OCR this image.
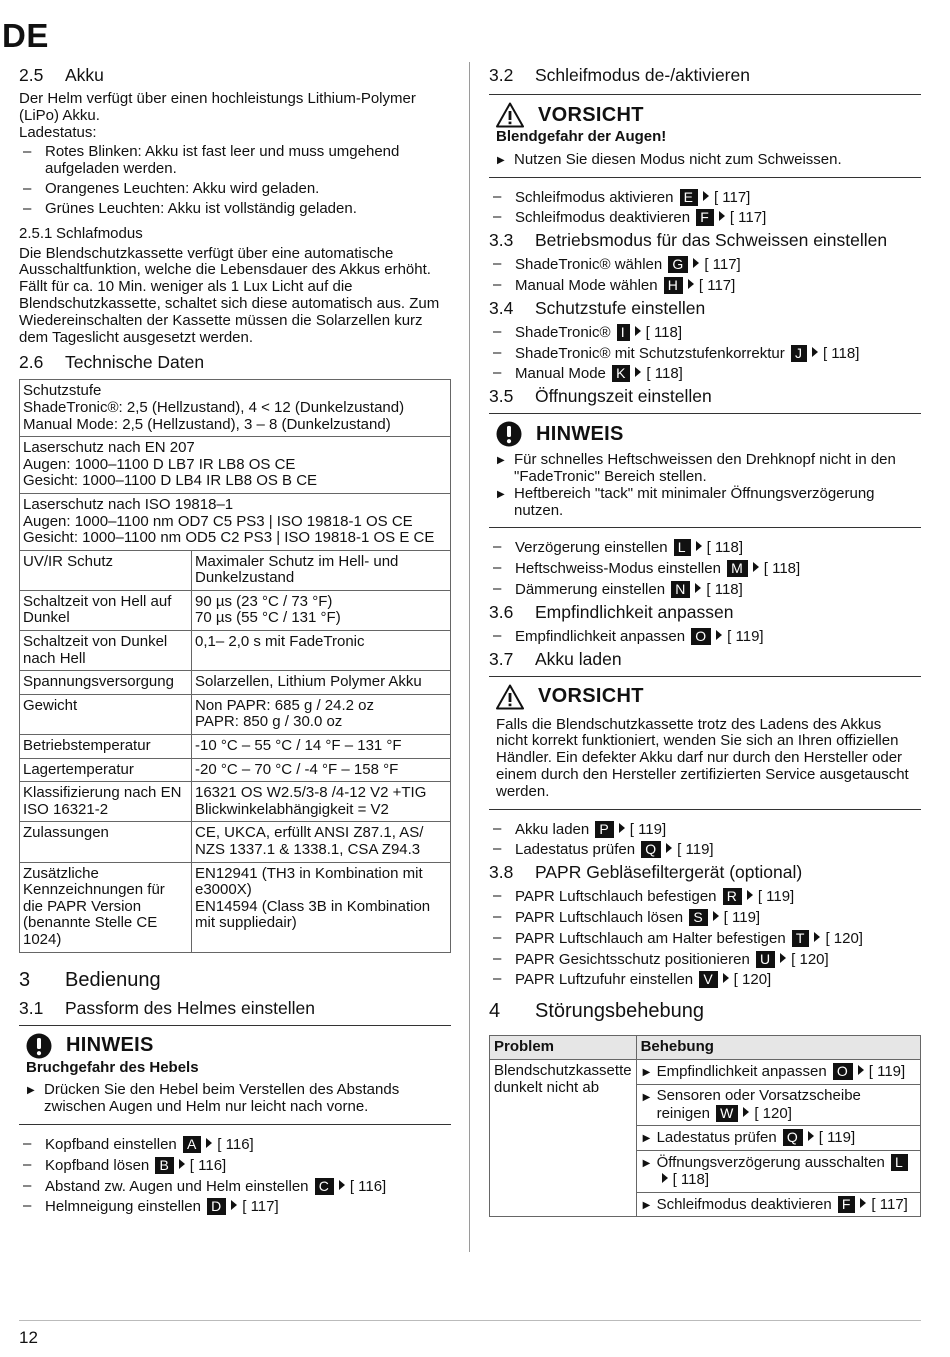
DE
2.5 Akku

Der Helm verfügt über einen hochleistungs Lithium-Polymer (LiPo) Akku.

Ladestatus:

– Rotes Blinken: Akku ist fast leer und muss umgehend aufgeladen werden.
– Orangenes Leuchten: Akku wird geladen.
– Grünes Leuchten: Akku ist vollständig geladen.
2.5.1 Schlafmodus

Die Blendschutzkassette verfügt über eine automatische Ausschaltfunktion, welche die Lebensdauer des Akkus erhöht. Fällt für ca. 10 Min. weniger als 1 Lux Licht auf die Blendschutzkassette, schaltet sich diese automatisch aus. Zum Wiedereinschalten der Kassette müssen die Solarzellen kurz dem Tageslicht ausgesetzt werden.

2.6 Technische Daten
Schutzstufe
ShadeTronic®: 2,5 (Hellzustand), 4 < 12 (Dunkelzustand)
Manual Mode: 2,5 (Hellzustand), 3 – 8 (Dunkelzustand)	

Laserschutz nach EN 207
Augen: 1000–1100 D LB7 IR LB8 OS CE
Gesicht: 1000–1100 D LB4 IR LB8 OS B CE	

Laserschutz nach ISO 19818–1
Augen: 1000–1100 nm OD7 C5 PS3 | ISO 19818-1 OS CE
Gesicht: 1000–1100 nm OD5 C2 PS3 | ISO 19818-1 OS E CE	

UV/IR Schutz	Maximaler Schutz im Hell- und Dunkelzustand
Schaltzeit von Hell auf Dunkel	90 µs (23 °C / 73 °F)
70 µs (55 °C / 131 °F)
Schaltzeit von Dunkel nach Hell	0,1– 2,0 s mit FadeTronic
Spannungsversorgung	Solarzellen, Lithium Polymer Akku
Gewicht	Non PAPR: 685 g / 24.2 oz
PAPR: 850 g / 30.0 oz
Betriebstemperatur	-10 °C – 55 °C / 14 °F – 131 °F
Lagertemperatur	-20 °C – 70 °C / -4 °F – 158 °F
Klassifizierung nach EN ISO 16321-2	16321 OS W2.5/3-8 /4-12 V2 +TIG
Blickwinkelabhängigkeit = V2
Zulassungen	CE, UKCA, erfüllt ANSI Z87.1, AS/ NZS 1337.1 & 1338.1, CSA Z94.3
Zusätzliche Kennzeichnungen für die PAPR Version (benannte Stelle CE 1024)	EN12941 (TH3 in Kombination mit e3000X)
EN14594 (Class 3B in Kombination mit suppliedair)
3 Bedienung
3.1 Passform des Helmes einstellen
HINWEIS
Bruchgefahr des Hebels
▶ Drücken Sie den Hebel beim Verstellen des Abstands zwischen Augen und Helm nur leicht nach vorne.
– Kopfband einstellen A [ 116]
– Kopfband lösen B [ 116]
– Abstand zw. Augen und Helm einstellen C [ 116]
– Helmneigung einstellen D [ 117]
3.2 Schleifmodus de-/aktivieren
VORSICHT
Blendgefahr der Augen!
▶ Nutzen Sie diesen Modus nicht zum Schweissen.
– Schleifmodus aktivieren E [ 117]
– Schleifmodus deaktivieren F [ 117]
3.3 Betriebsmodus für das Schweissen einstellen
– ShadeTronic® wählen G [ 117]
– Manual Mode wählen H [ 117]
3.4 Schutzstufe einstellen
– ShadeTronic® I [ 118]
– ShadeTronic® mit Schutzstufenkorrektur J [ 118]
– Manual Mode K [ 118]
3.5 Öffnungszeit einstellen
HINWEIS
▶ Für schnelles Heftschweissen den Drehknopf nicht in den "FadeTronic" Bereich stellen.
▶ Heftbereich "tack" mit minimaler Öffnungsverzögerung nutzen.
– Verzögerung einstellen L [ 118]
– Heftschweiss-Modus einstellen M [ 118]
– Dämmerung einstellen N [ 118]
3.6 Empfindlichkeit anpassen
– Empfindlichkeit anpassen O [ 119]
3.7 Akku laden
VORSICHT

Falls die Blendschutzkassette trotz des Ladens des Akkus nicht korrekt funktioniert, wenden Sie sich an Ihren offiziellen Händler. Ein defekter Akku darf nur durch den Hersteller oder einem durch den Hersteller zertifizierten Service ausgetauscht werden.

– Akku laden P [ 119]
– Ladestatus prüfen Q [ 119]
3.8 PAPR Gebläsefiltergerät (optional)
– PAPR Luftschlauch befestigen R [ 119]
– PAPR Luftschlauch lösen S [ 119]
– PAPR Luftschlauch am Halter befestigen T [ 120]
– PAPR Gesichtsschutz positionieren U [ 120]
– PAPR Luftzufuhr einstellen V [ 120]
4 Störungsbehebung
Problem	Behebung
Blendschutzkassette dunkelt nicht ab	▶ Empfindlichkeit anpassen O [ 119]
	▶ Sensoren oder Vorsatzscheibe reinigen W [ 120]
	▶ Ladestatus prüfen Q [ 119]
	▶ Öffnungsverzögerung ausschalten L[ 118]
	▶ Schleifmodus deaktivieren F [ 117]
12
